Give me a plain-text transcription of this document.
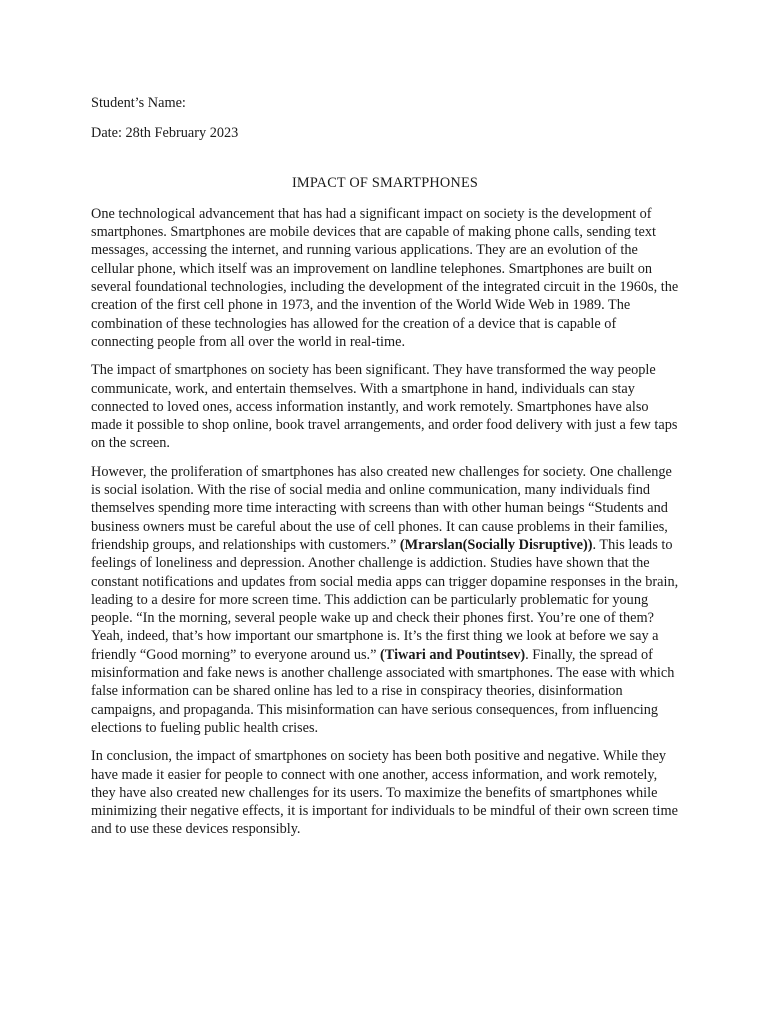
Student’s Name:

Date: 28th February 2023

IMPACT OF SMARTPHONES

One technological advancement that has had a significant impact on society is the development of smartphones. Smartphones are mobile devices that are capable of making phone calls, sending text messages, accessing the internet, and running various applications. They are an evolution of the cellular phone, which itself was an improvement on landline telephones. Smartphones are built on several foundational technologies, including the development of the integrated circuit in the 1960s, the creation of the first cell phone in 1973, and the invention of the World Wide Web in 1989. The combination of these technologies has allowed for the creation of a device that is capable of connecting people from all over the world in real-time.

The impact of smartphones on society has been significant. They have transformed the way people communicate, work, and entertain themselves. With a smartphone in hand, individuals can stay connected to loved ones, access information instantly, and work remotely. Smartphones have also made it possible to shop online, book travel arrangements, and order food delivery with just a few taps on the screen.

However, the proliferation of smartphones has also created new challenges for society. One challenge is social isolation. With the rise of social media and online communication, many individuals find themselves spending more time interacting with screens than with other human beings “Students and business owners must be careful about the use of cell phones. It can cause problems in their families, friendship groups, and relationships with customers.” (Mrarslan(Socially Disruptive)). This leads to feelings of loneliness and depression. Another challenge is addiction. Studies have shown that the constant notifications and updates from social media apps can trigger dopamine responses in the brain, leading to a desire for more screen time. This addiction can be particularly problematic for young people. “In the morning, several people wake up and check their phones first. You’re one of them? Yeah, indeed, that’s how important our smartphone is. It’s the first thing we look at before we say a friendly “Good morning” to everyone around us.” (Tiwari and Poutintsev). Finally, the spread of misinformation and fake news is another challenge associated with smartphones. The ease with which false information can be shared online has led to a rise in conspiracy theories, disinformation campaigns, and propaganda. This misinformation can have serious consequences, from influencing elections to fueling public health crises.

In conclusion, the impact of smartphones on society has been both positive and negative. While they have made it easier for people to connect with one another, access information, and work remotely, they have also created new challenges for its users. To maximize the benefits of smartphones while minimizing their negative effects, it is important for individuals to be mindful of their own screen time and to use these devices responsibly.
